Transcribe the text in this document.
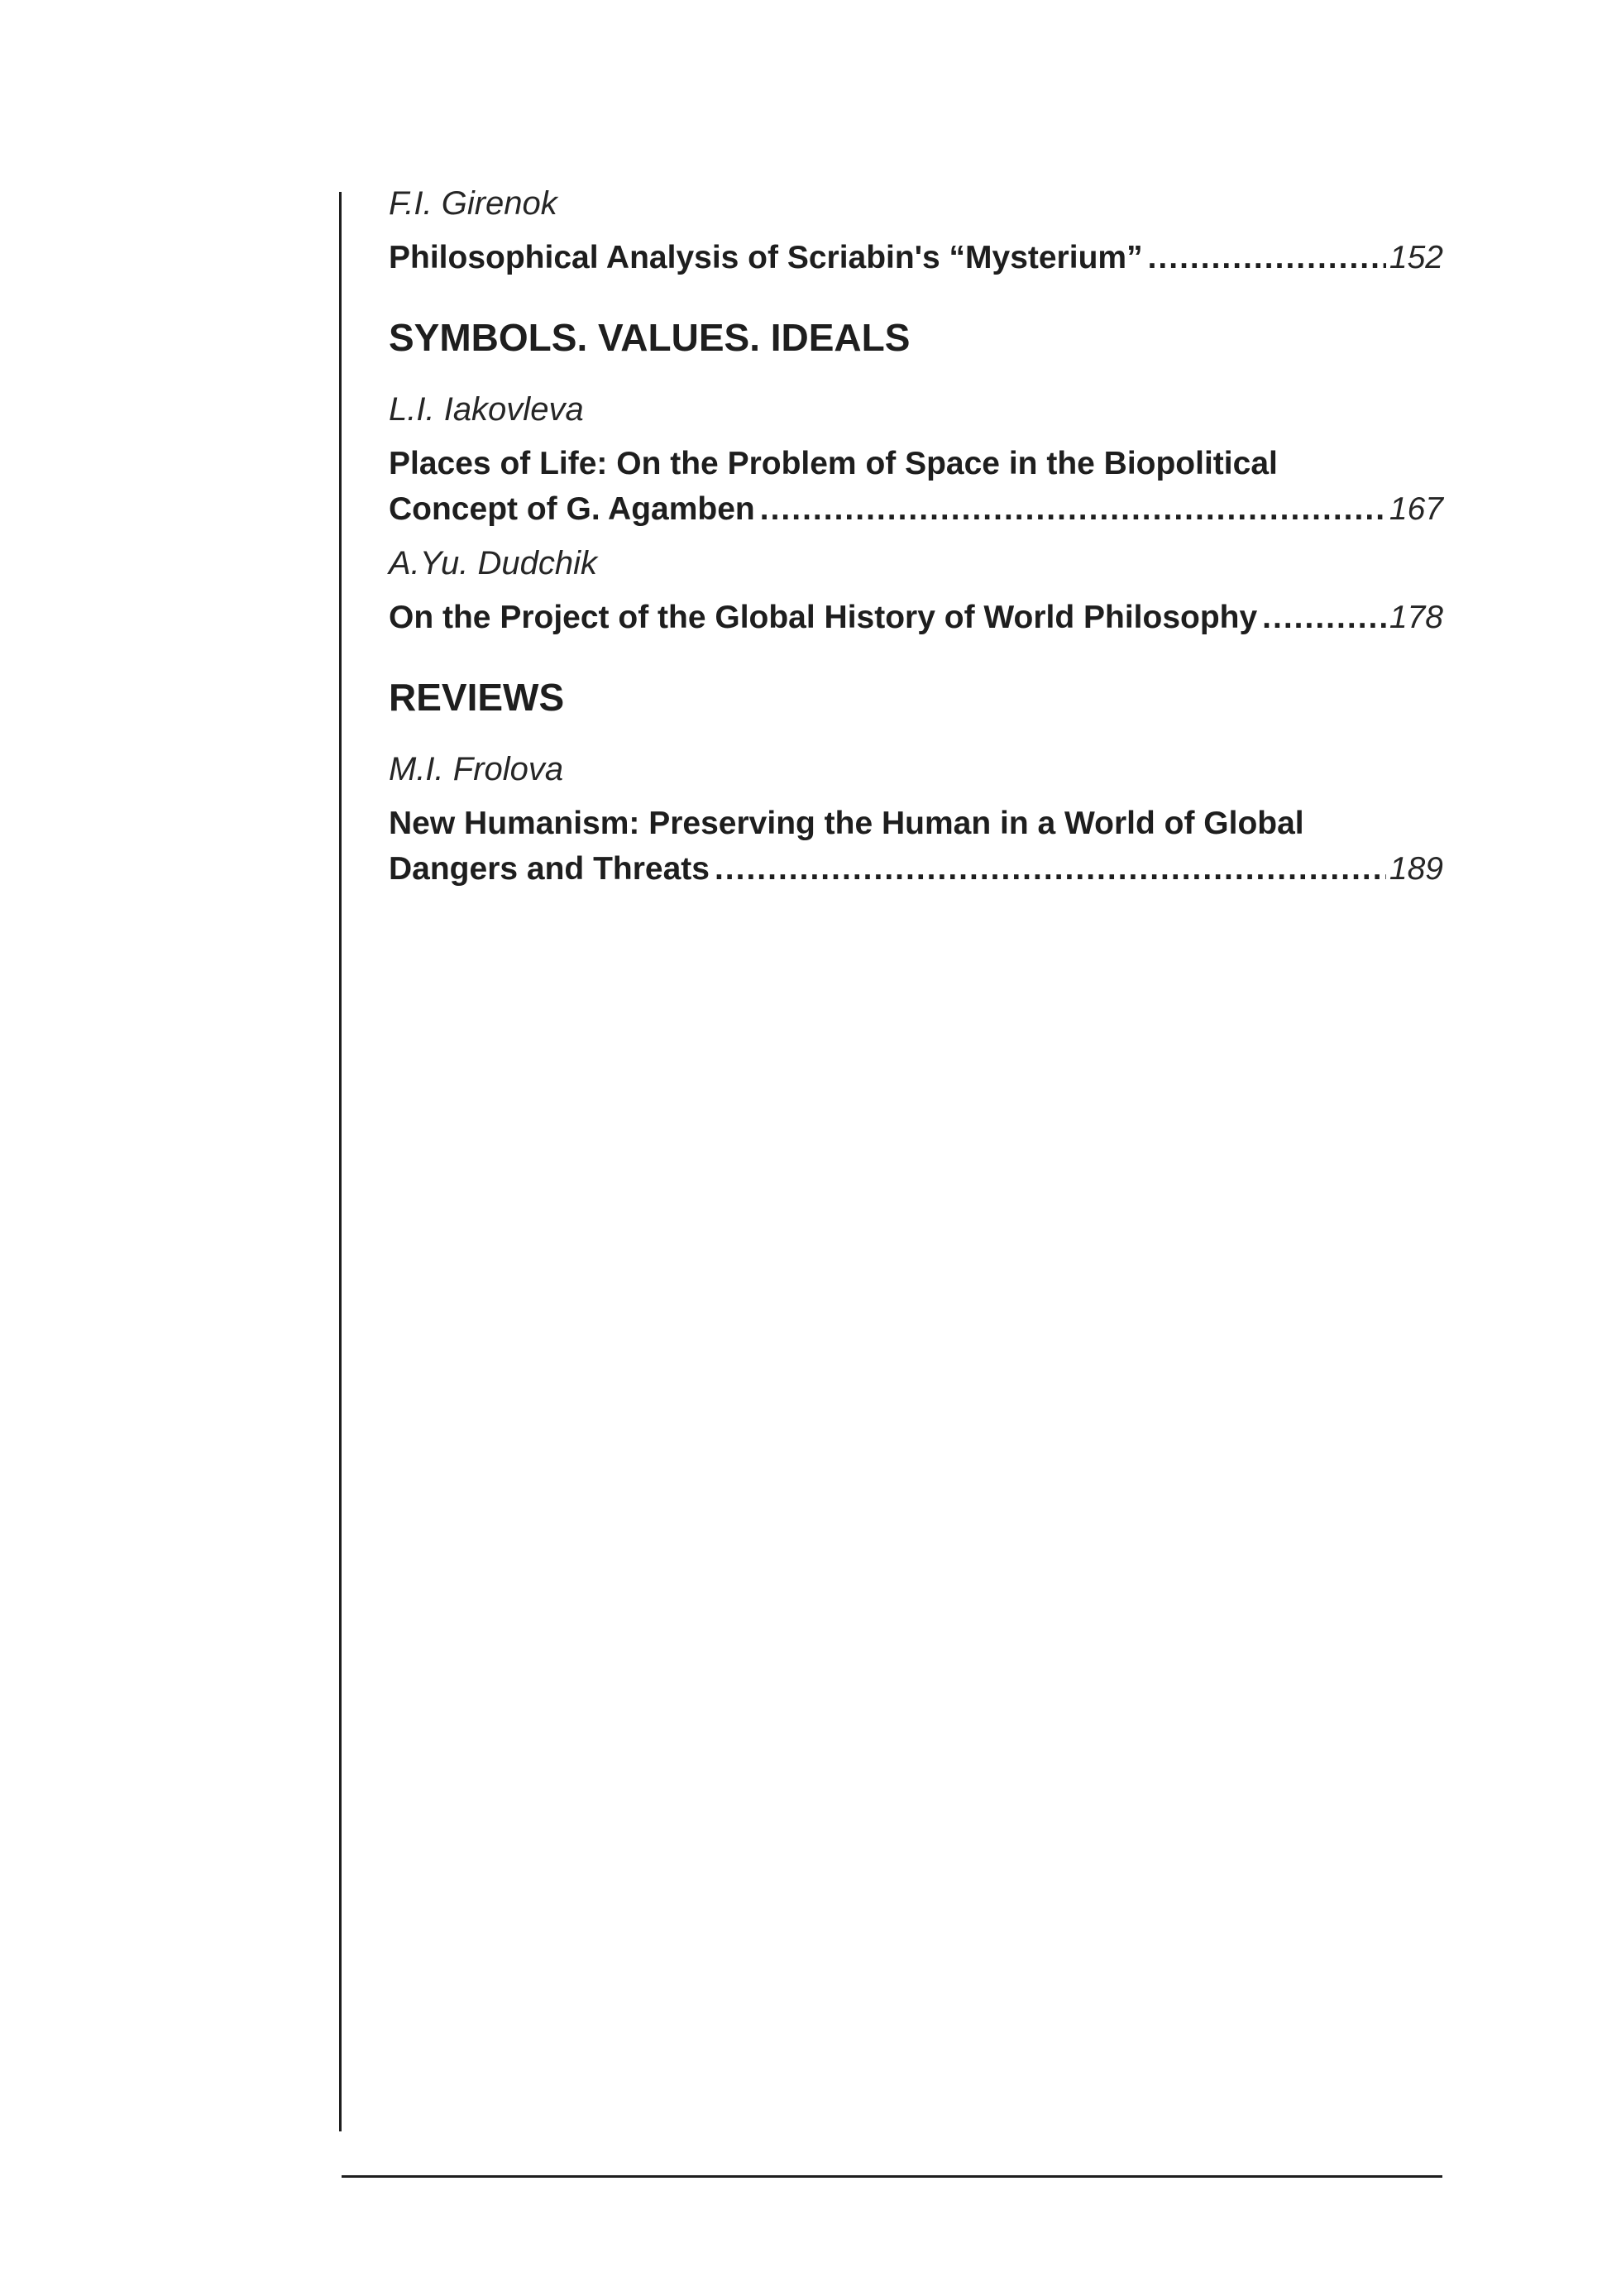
F.I. Girenok
Philosophical Analysis of Scriabin's “Mysterium” .....	152
SYMBOLS. VALUES. IDEALS
L.I. Iakovleva
Places of Life: On the Problem of Space in the Biopolitical
Concept of G. Agamben .....	167
A.Yu. Dudchik
On the Project of the Global History of World Philosophy .....	178
REVIEWS
M.I. Frolova
New Humanism: Preserving the Human in a World of Global
Dangers and Threats .....	189
